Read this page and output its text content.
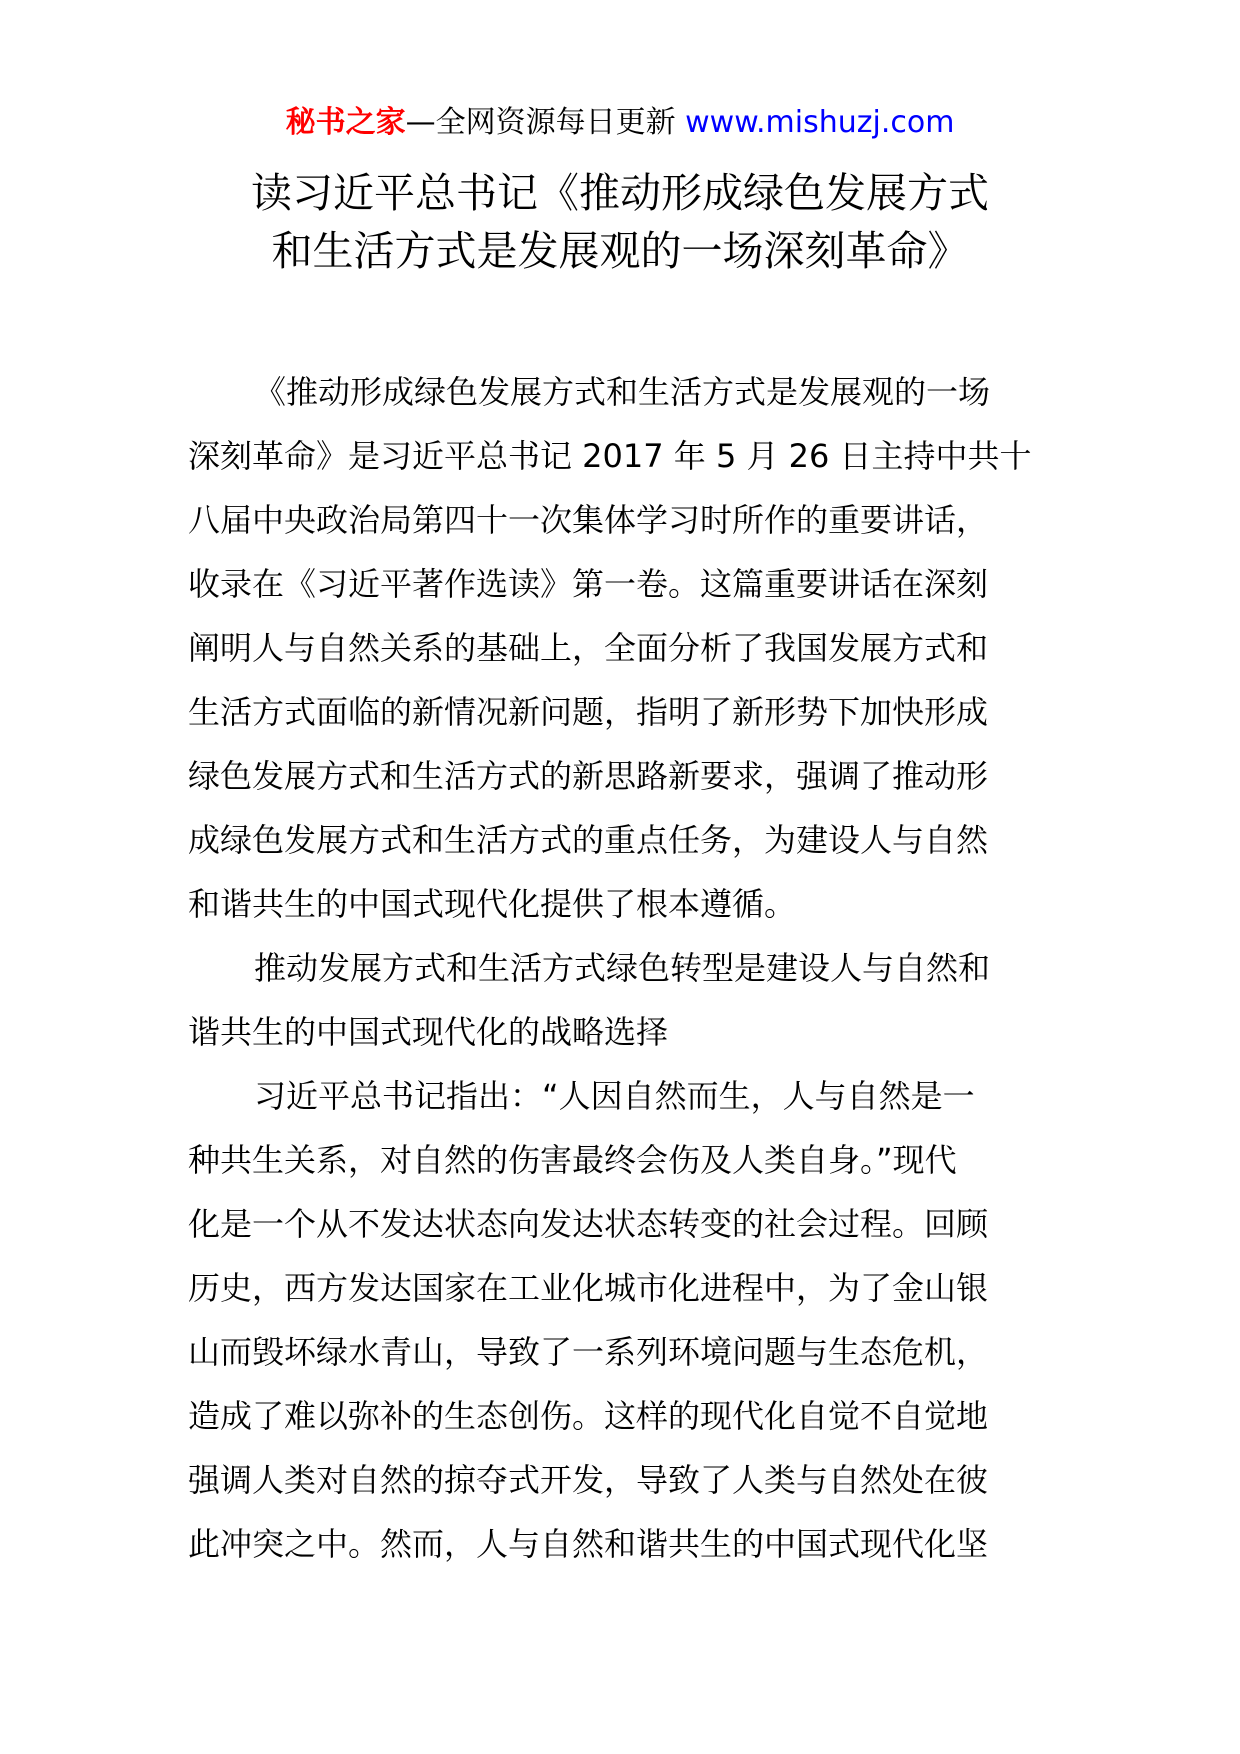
秘书之家—全网资源每日更新 www.mishuzj.com
读习近平总书记《推动形成绿色发展方式
和生活方式是发展观的一场深刻革命》
《推动形成绿色发展方式和生活方式是发展观的一场
深刻革命》是习近平总书记 2017 年 5 月 26 日主持中共十
八届中央政治局第四十一次集体学习时所作的重要讲话，
收录在《习近平著作选读》第一卷。这篇重要讲话在深刻
阐明人与自然关系的基础上，全面分析了我国发展方式和
生活方式面临的新情况新问题，指明了新形势下加快形成
绿色发展方式和生活方式的新思路新要求，强调了推动形
成绿色发展方式和生活方式的重点任务，为建设人与自然
和谐共生的中国式现代化提供了根本遵循。
推动发展方式和生活方式绿色转型是建设人与自然和
谐共生的中国式现代化的战略选择
习近平总书记指出：“人因自然而生，人与自然是一
种共生关系，对自然的伤害最终会伤及人类自身。”现代
化是一个从不发达状态向发达状态转变的社会过程。回顾
历史，西方发达国家在工业化城市化进程中，为了金山银
山而毁坏绿水青山，导致了一系列环境问题与生态危机，
造成了难以弥补的生态创伤。这样的现代化自觉不自觉地
强调人类对自然的掠夺式开发，导致了人类与自然处在彼
此冲突之中。然而，人与自然和谐共生的中国式现代化坚
